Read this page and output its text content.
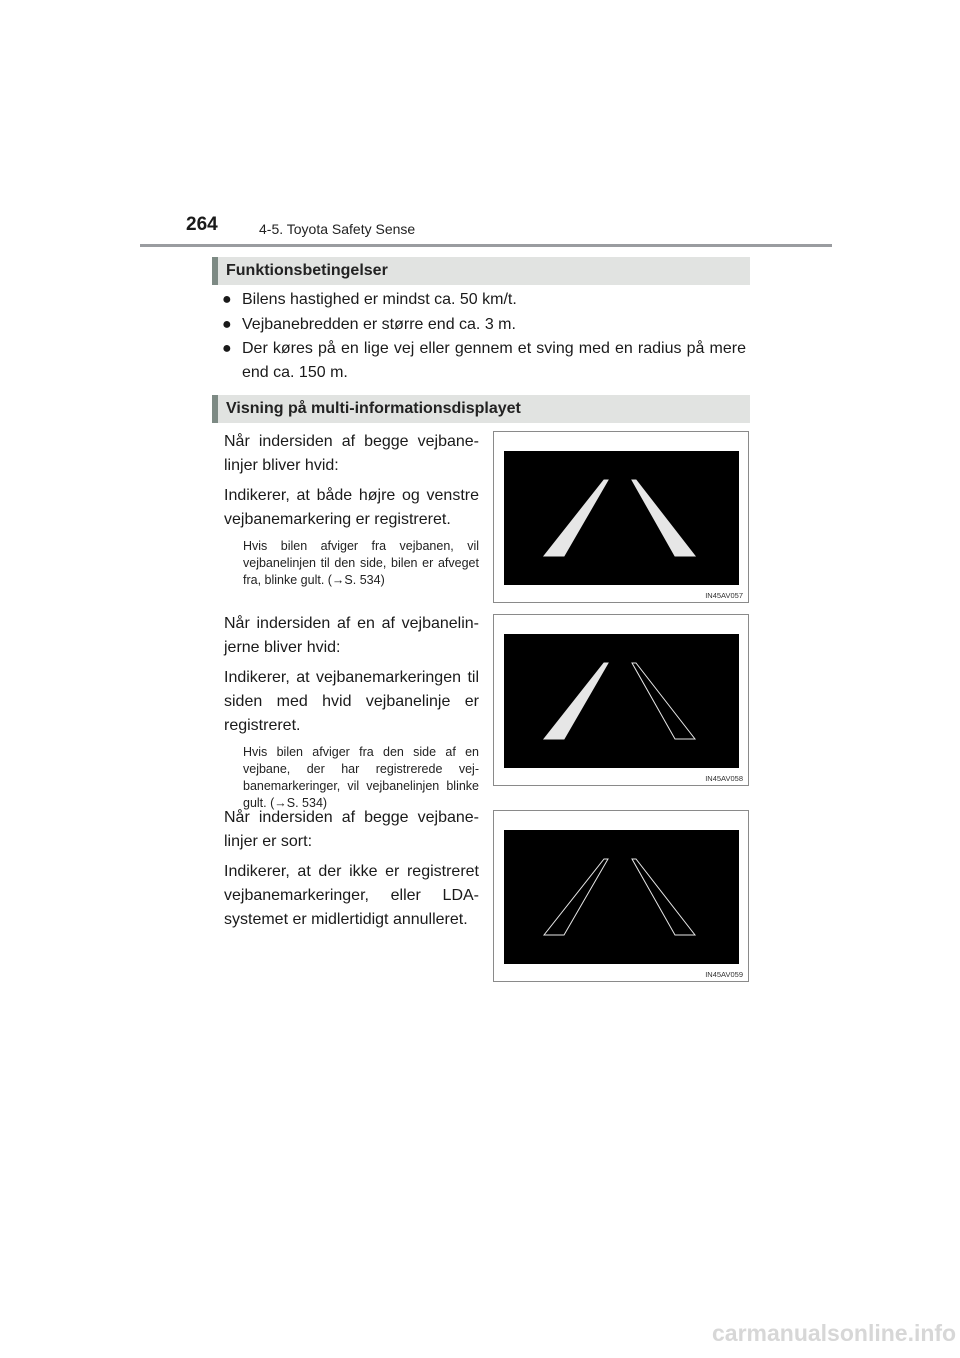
264	4-5. Toyota Safety Sense
Funktionsbetingelser
● Bilens hastighed er mindst ca. 50 km/t.
● Vejbanebredden er større end ca. 3 m.
● Der køres på en lige vej eller gennem et sving med en radius på mere end ca. 150 m.
Visning på multi-informationsdisplayet

Når indersiden af begge vejbane-linjer bliver hvid:

Indikerer, at både højre og venstre vejbanemarkering er registreret.

Hvis bilen afviger fra vejbanen, vil vejbanelinjen til den side, bilen er afveget fra, blinke gult. (→S. 534)

IN45AV057

Når indersiden af en af vejbanelin-jerne bliver hvid:

Indikerer, at vejbanemarkeringen til siden med hvid vejbanelinje er registreret.

Hvis bilen afviger fra den side af en vejbane, der har registrerede vej-banemarkeringer, vil vejbanelinjen blinke gult. (→S. 534)

IN45AV058

Når indersiden af begge vejbane-linjer er sort:

Indikerer, at der ikke er registreret vejbanemarkeringer, eller LDA-systemet er midlertidigt annulleret.

IN45AV059
carmanualsonline.info
